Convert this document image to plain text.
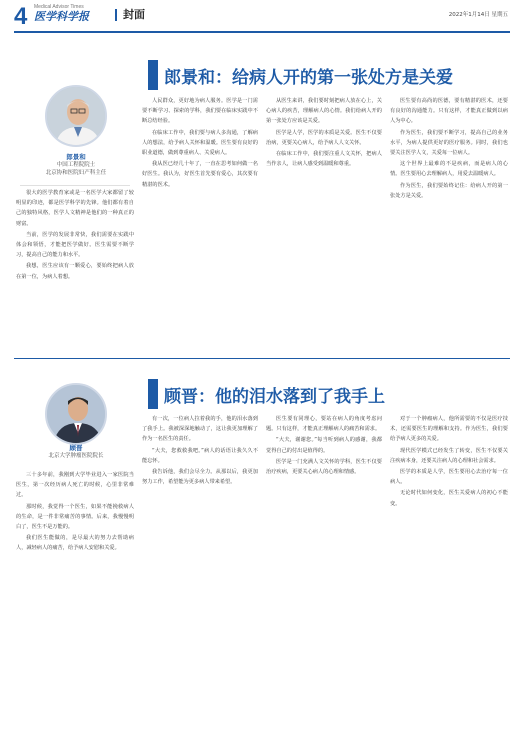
4 Medical Advisor Times
医学科学报	封面	2022年1月14日 星期五
郎景和：给病人开的第一张处方是关爱
郎景和
中国工程院院士
北京协和医院妇产科主任

很大的医学教育家或是一名医学大家都留了较明显的印迹，都是医学科学的先锋。他们都有着自己的独特风格，医学人文精神是他们的一种真正的财富。

当前，医学的发展非常快，我们需要在实践中体会和领悟，才能把医学做好。医生需要不断学习，提高自己的能力和水平。

我想，医生应该有一颗爱心，要始终把病人放在第一位，为病人着想。

人民群众，更好地为病人服务。医学是一门需要不断学习、探索的学科，我们要在临床实践中不断总结经验。

在临床工作中，我们要与病人多沟通，了解病人的想法，给予病人关怀和温暖。医生要有良好的职业道德，做到尊重病人、关爱病人。

我从医已经几十年了，一直在思考如何做一名好医生。我认为，好医生首先要有爱心，其次要有精湛的医术。

从医生来讲，我们要时刻把病人放在心上，关心病人的疾苦，理解病人的心情。我们给病人开的第一张处方应该是关爱。

医学是人学，医学的本质是关爱。医生不仅要治病，更要关心病人，给予病人人文关怀。

在临床工作中，我们要注重人文关怀，把病人当作亲人，让病人感受到温暖和尊重。

医生要有高尚的医德，要有精湛的医术，还要有良好的沟通能力。只有这样，才能真正做到以病人为中心。

作为医生，我们要不断学习，提高自己的业务水平，为病人提供更好的医疗服务。同时，我们也要关注医学人文，关爱每一位病人。

这个世界上最难的不是疾病，而是病人的心情。医生要用心去理解病人，用爱去温暖病人。

作为医生，我们要始终记住：给病人开的第一张处方是关爱。

顾晋：他的泪水落到了我手上
顾晋
北京大学肿瘤医院院长

三十多年前，我刚到大学毕业进入一家医院当医生，第一次经历病人死亡的时候，心里非常难过。

那时候，我觉得一个医生，如果不能挽救病人的生命，是一件非常痛苦的事情。后来，我慢慢明白了，医生不是万能的。

我们医生能做的，是尽最大的努力去帮助病人，减轻病人的痛苦，给予病人安慰和关爱。

有一次，一位病人拉着我的手，他的泪水落到了我手上。我被深深地触动了，这让我更加理解了作为一名医生的责任。

“大夫，您救救我吧。”病人的话语让我久久不能忘怀。

我告诉他，我们会尽全力。从那以后，我更加努力工作，希望能为更多病人带来希望。

医生要有同理心，要站在病人的角度考虑问题。只有这样，才能真正理解病人的痛苦和需求。

“大夫，谢谢您。”每当听到病人的感谢，我都觉得自己的付出是值得的。

医学是一门充满人文关怀的学科，医生不仅要治疗疾病，更要关心病人的心理和情感。

对于一个肿瘤病人，他所需要的不仅是医疗技术，还需要医生的理解和支持。作为医生，我们要给予病人更多的关爱。

现代医学模式已经发生了转变，医生不仅要关注疾病本身，还要关注病人的心理和社会需求。

医学的本质是人学，医生要用心去治疗每一位病人。

无论时代如何变化，医生关爱病人的初心不能变。
